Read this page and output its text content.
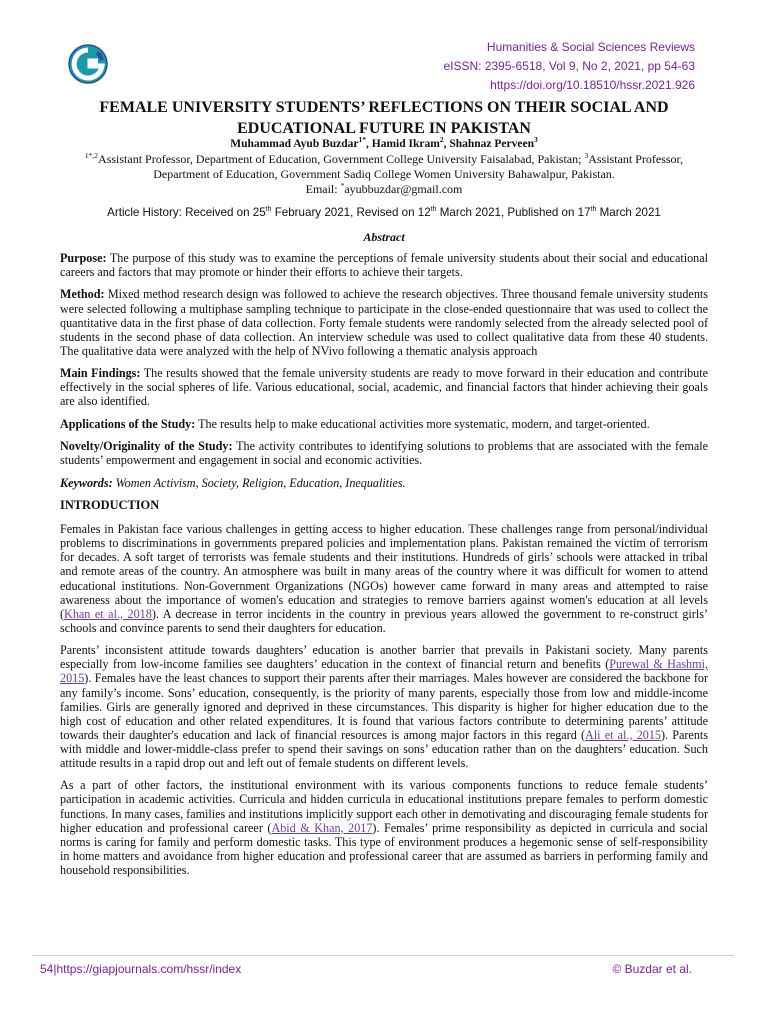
Humanities & Social Sciences Reviews
eISSN: 2395-6518, Vol 9, No 2, 2021, pp 54-63
https://doi.org/10.18510/hssr.2021.926
FEMALE UNIVERSITY STUDENTS’ REFLECTIONS ON THEIR SOCIAL AND EDUCATIONAL FUTURE IN PAKISTAN
Muhammad Ayub Buzdar$^{1*}$, Hamid Ikram$^2$, Shahnaz Perveen$^3$
$^{1*,2}$Assistant Professor, Department of Education, Government College University Faisalabad, Pakistan; $^3$Assistant Professor, Department of Education, Government Sadiq College Women University Bahawalpur, Pakistan.
Email: *ayubbuzdar@gmail.com
Article History: Received on 25th February 2021, Revised on 12th March 2021, Published on 17th March 2021
Abstract

Purpose: The purpose of this study was to examine the perceptions of female university students about their social and educational careers and factors that may promote or hinder their efforts to achieve their targets.

Method: Mixed method research design was followed to achieve the research objectives. Three thousand female university students were selected following a multiphase sampling technique to participate in the close-ended questionnaire that was used to collect the quantitative data in the first phase of data collection. Forty female students were randomly selected from the already selected pool of students in the second phase of data collection. An interview schedule was used to collect qualitative data from these 40 students. The qualitative data were analyzed with the help of NVivo following a thematic analysis approach

Main Findings: The results showed that the female university students are ready to move forward in their education and contribute effectively in the social spheres of life. Various educational, social, academic, and financial factors that hinder achieving their goals are also identified.

Applications of the Study: The results help to make educational activities more systematic, modern, and target-oriented.

Novelty/Originality of the Study: The activity contributes to identifying solutions to problems that are associated with the female students’ empowerment and engagement in social and economic activities.

Keywords: Women Activism, Society, Religion, Education, Inequalities.

INTRODUCTION

Females in Pakistan face various challenges in getting access to higher education. These challenges range from personal/individual problems to discriminations in governments prepared policies and implementation plans. Pakistan remained the victim of terrorism for decades. A soft target of terrorists was female students and their institutions. Hundreds of girls’ schools were attacked in tribal and remote areas of the country. An atmosphere was built in many areas of the country where it was difficult for women to attend educational institutions. Non-Government Organizations (NGOs) however came forward in many areas and attempted to raise awareness about the importance of women's education and strategies to remove barriers against women's education at all levels (Khan et al., 2018). A decrease in terror incidents in the country in previous years allowed the government to re-construct girls’ schools and convince parents to send their daughters for education.

Parents’ inconsistent attitude towards daughters’ education is another barrier that prevails in Pakistani society. Many parents especially from low-income families see daughters’ education in the context of financial return and benefits (Purewal & Hashmi, 2015). Females have the least chances to support their parents after their marriages. Males however are considered the backbone for any family’s income. Sons’ education, consequently, is the priority of many parents, especially those from low and middle-income families. Girls are generally ignored and deprived in these circumstances. This disparity is higher for higher education due to the high cost of education and other related expenditures. It is found that various factors contribute to determining parents’ attitude towards their daughter's education and lack of financial resources is among major factors in this regard (Ali et al., 2015). Parents with middle and lower-middle-class prefer to spend their savings on sons’ education rather than on the daughters’ education. Such attitude results in a rapid drop out and left out of female students on different levels.

As a part of other factors, the institutional environment with its various components functions to reduce female students’ participation in academic activities. Curricula and hidden curricula in educational institutions prepare females to perform domestic functions. In many cases, families and institutions implicitly support each other in demotivating and discouraging female students for higher education and professional career (Abid & Khan, 2017). Females’ prime responsibility as depicted in curricula and social norms is caring for family and perform domestic tasks. This type of environment produces a hegemonic sense of self-responsibility in home matters and avoidance from higher education and professional career that are assumed as barriers in performing family and household responsibilities.

54|https://giapjournals.com/hssr/index	© Buzdar et al.
